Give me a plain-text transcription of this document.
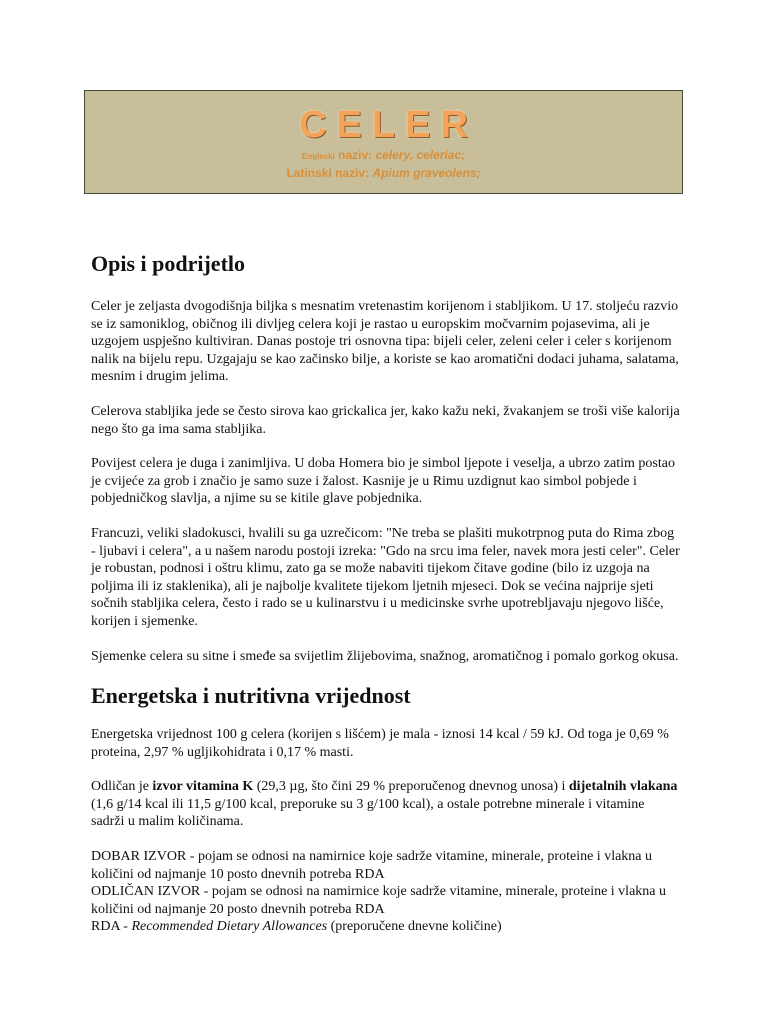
CELER
Engleski naziv: celery, celeriac;
Latinski naziv: Apium graveolens;
Opis i podrijetlo

Celer je zeljasta dvogodišnja biljka s mesnatim vretenastim korijenom i stabljikom. U 17. stoljeću razvio se iz samoniklog, običnog ili divljeg celera koji je rastao u europskim močvarnim pojasevima, ali je uzgojem uspješno kultiviran. Danas postoje tri osnovna tipa: bijeli celer, zeleni celer i celer s korijenom nalik na bijelu repu. Uzgajaju se kao začinsko bilje, a koriste se kao aromatični dodaci juhama, salatama, mesnim i drugim jelima.

Celerova stabljika jede se često sirova kao grickalica jer, kako kažu neki, žvakanjem se troši više kalorija nego što ga ima sama stabljika.

Povijest celera je duga i zanimljiva. U doba Homera bio je simbol ljepote i veselja, a ubrzo zatim postao je cvijeće za grob i značio je samo suze i žalost. Kasnije je u Rimu uzdignut kao simbol pobjede i pobjedničkog slavlja, a njime su se kitile glave pobjednika.

Francuzi, veliki sladokusci, hvalili su ga uzrečicom: "Ne treba se plašiti mukotrpnog puta do Rima zbog - ljubavi i celera", a u našem narodu postoji izreka: "Gdo na srcu ima feler, navek mora jesti celer". Celer je robustan, podnosi i oštru klimu, zato ga se može nabaviti tijekom čitave godine (bilo iz uzgoja na poljima ili iz staklenika), ali je najbolje kvalitete tijekom ljetnih mjeseci. Dok se većina najprije sjeti sočnih stabljika celera, često i rado se u kulinarstvu i u medicinske svrhe upotrebljavaju njegovo lišće, korijen i sjemenke.

Sjemenke celera su sitne i smeđe sa svijetlim žlijebovima, snažnog, aromatičnog i pomalo gorkog okusa.

Energetska i nutritivna vrijednost

Energetska vrijednost 100 g celera (korijen s lišćem) je mala - iznosi 14 kcal / 59 kJ. Od toga je 0,69 % proteina, 2,97 % ugljikohidrata i 0,17 % masti.

Odličan je izvor vitamina K (29,3 µg, što čini 29 % preporučenog dnevnog unosa) i dijetalnih vlakana (1,6 g/14 kcal ili 11,5 g/100 kcal, preporuke su 3 g/100 kcal), a ostale potrebne minerale i vitamine sadrži u malim količinama.

DOBAR IZVOR - pojam se odnosi na namirnice koje sadrže vitamine, minerale, proteine i vlakna u količini od najmanje 10 posto dnevnih potreba RDA
ODLIČAN IZVOR - pojam se odnosi na namirnice koje sadrže vitamine, minerale, proteine i vlakna u količini od najmanje 20 posto dnevnih potreba RDA
RDA - Recommended Dietary Allowances (preporučene dnevne količine)
